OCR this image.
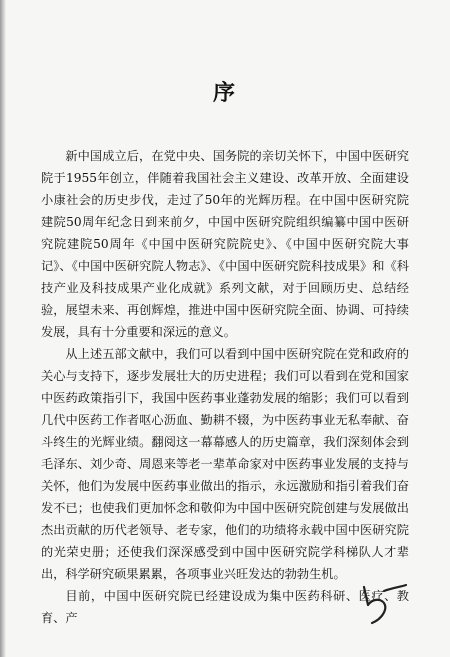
序

新中国成立后，在党中央、国务院的亲切关怀下，中国中医研究院于1955年创立，伴随着我国社会主义建设、改革开放、全面建设小康社会的历史步伐，走过了50年的光辉历程。在中国中医研究院建院50周年纪念日到来前夕，中国中医研究院组织编纂中国中医研究院建院50周年《中国中医研究院院史》、《中国中医研究院大事记》、《中国中医研究院人物志》、《中国中医研究院科技成果》和《科技产业及科技成果产业化成就》系列文献，对于回顾历史、总结经验，展望未来、再创辉煌，推进中国中医研究院全面、协调、可持续发展，具有十分重要和深远的意义。

从上述五部文献中，我们可以看到中国中医研究院在党和政府的关心与支持下，逐步发展壮大的历史进程；我们可以看到在党和国家中医药政策指引下，我国中医药事业蓬勃发展的缩影；我们可以看到几代中医药工作者呕心沥血、勤耕不辍，为中医药事业无私奉献、奋斗终生的光辉业绩。翻阅这一幕幕感人的历史篇章，我们深刻体会到毛泽东、刘少奇、周恩来等老一辈革命家对中医药事业发展的支持与关怀，他们为发展中医药事业做出的指示，永远激励和指引着我们奋发不已；也使我们更加怀念和敬仰为中国中医研究院创建与发展做出杰出贡献的历代老领导、老专家，他们的功绩将永载中国中医研究院的光荣史册；还使我们深深感受到中国中医研究院学科梯队人才辈出，科学研究硕果累累，各项事业兴旺发达的勃勃生机。

目前，中国中医研究院已经建设成为集中医药科研、医疗、教育、产
